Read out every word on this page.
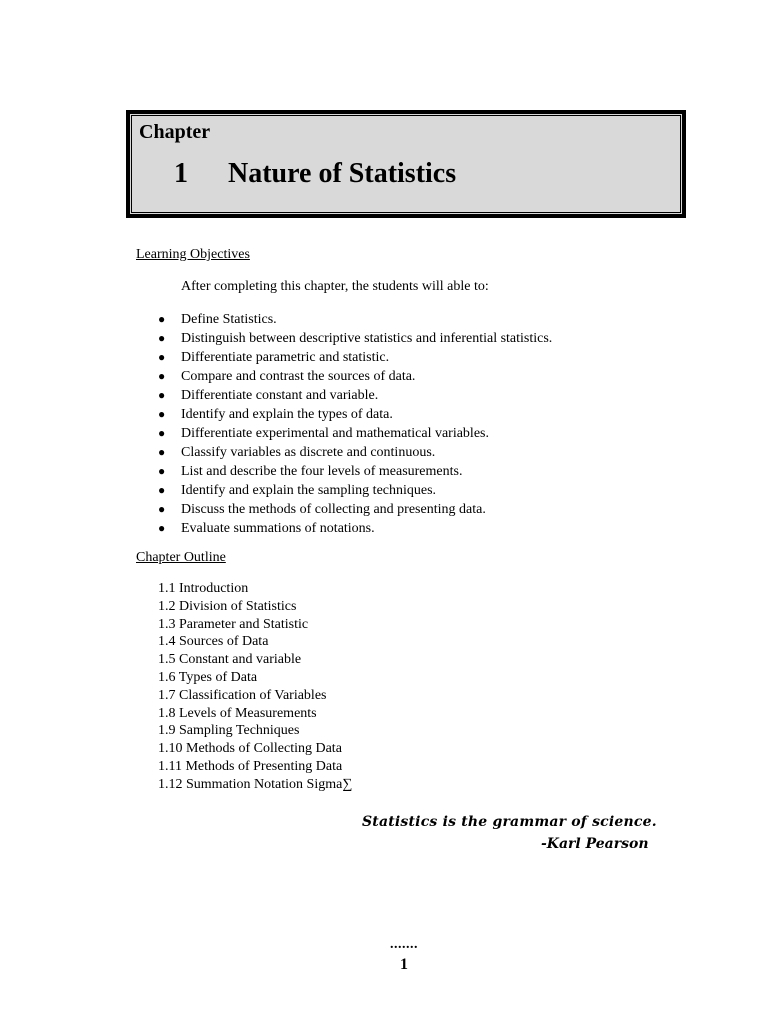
Chapter
1 Nature of Statistics
Learning Objectives
After completing this chapter, the students will able to:
● Define Statistics.
● Distinguish between descriptive statistics and inferential statistics.
● Differentiate parametric and statistic.
● Compare and contrast the sources of data.
● Differentiate constant and variable.
● Identify and explain the types of data.
● Differentiate experimental and mathematical variables.
● Classify variables as discrete and continuous.
● List and describe the four levels of measurements.
● Identify and explain the sampling techniques.
● Discuss the methods of collecting and presenting data.
● Evaluate summations of notations.
Chapter Outline
1.1 Introduction
1.2 Division of Statistics
1.3 Parameter and Statistic
1.4 Sources of Data
1.5 Constant and variable
1.6 Types of Data
1.7 Classification of Variables
1.8 Levels of Measurements
1.9 Sampling Techniques
1.10 Methods of Collecting Data
1.11 Methods of Presenting Data
1.12 Summation Notation Sigma∑
Statistics is the grammar of science.
-Karl Pearson
.......
1
